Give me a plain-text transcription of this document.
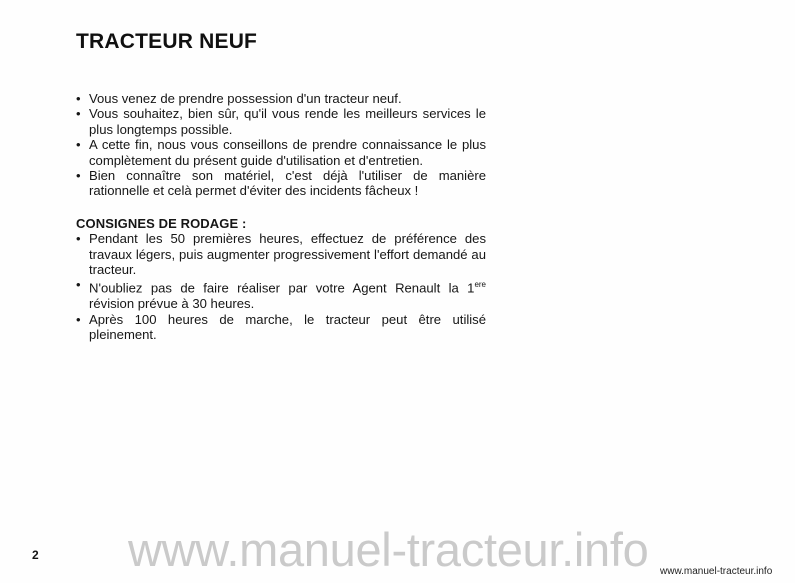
TRACTEUR NEUF
• Vous venez de prendre possession d'un tracteur neuf.
• Vous souhaitez, bien sûr, qu'il vous rende les meilleurs services le plus longtemps possible.
• A cette fin, nous vous conseillons de prendre connaissance le plus complètement du présent guide d'utilisation et d'entretien.
• Bien connaître son matériel, c'est déjà l'utiliser de manière rationnelle et celà permet d'éviter des incidents fâcheux !
CONSIGNES DE RODAGE :
• Pendant les 50 premières heures, effectuez de préférence des travaux légers, puis augmenter progressivement l'effort demandé au tracteur.
• N'oubliez pas de faire réaliser par votre Agent Renault la 1ere révision prévue à 30 heures.
• Après 100 heures de marche, le tracteur peut être utilisé pleinement.
2 www.manuel-tracteur.info www.manuel-tracteur.info
